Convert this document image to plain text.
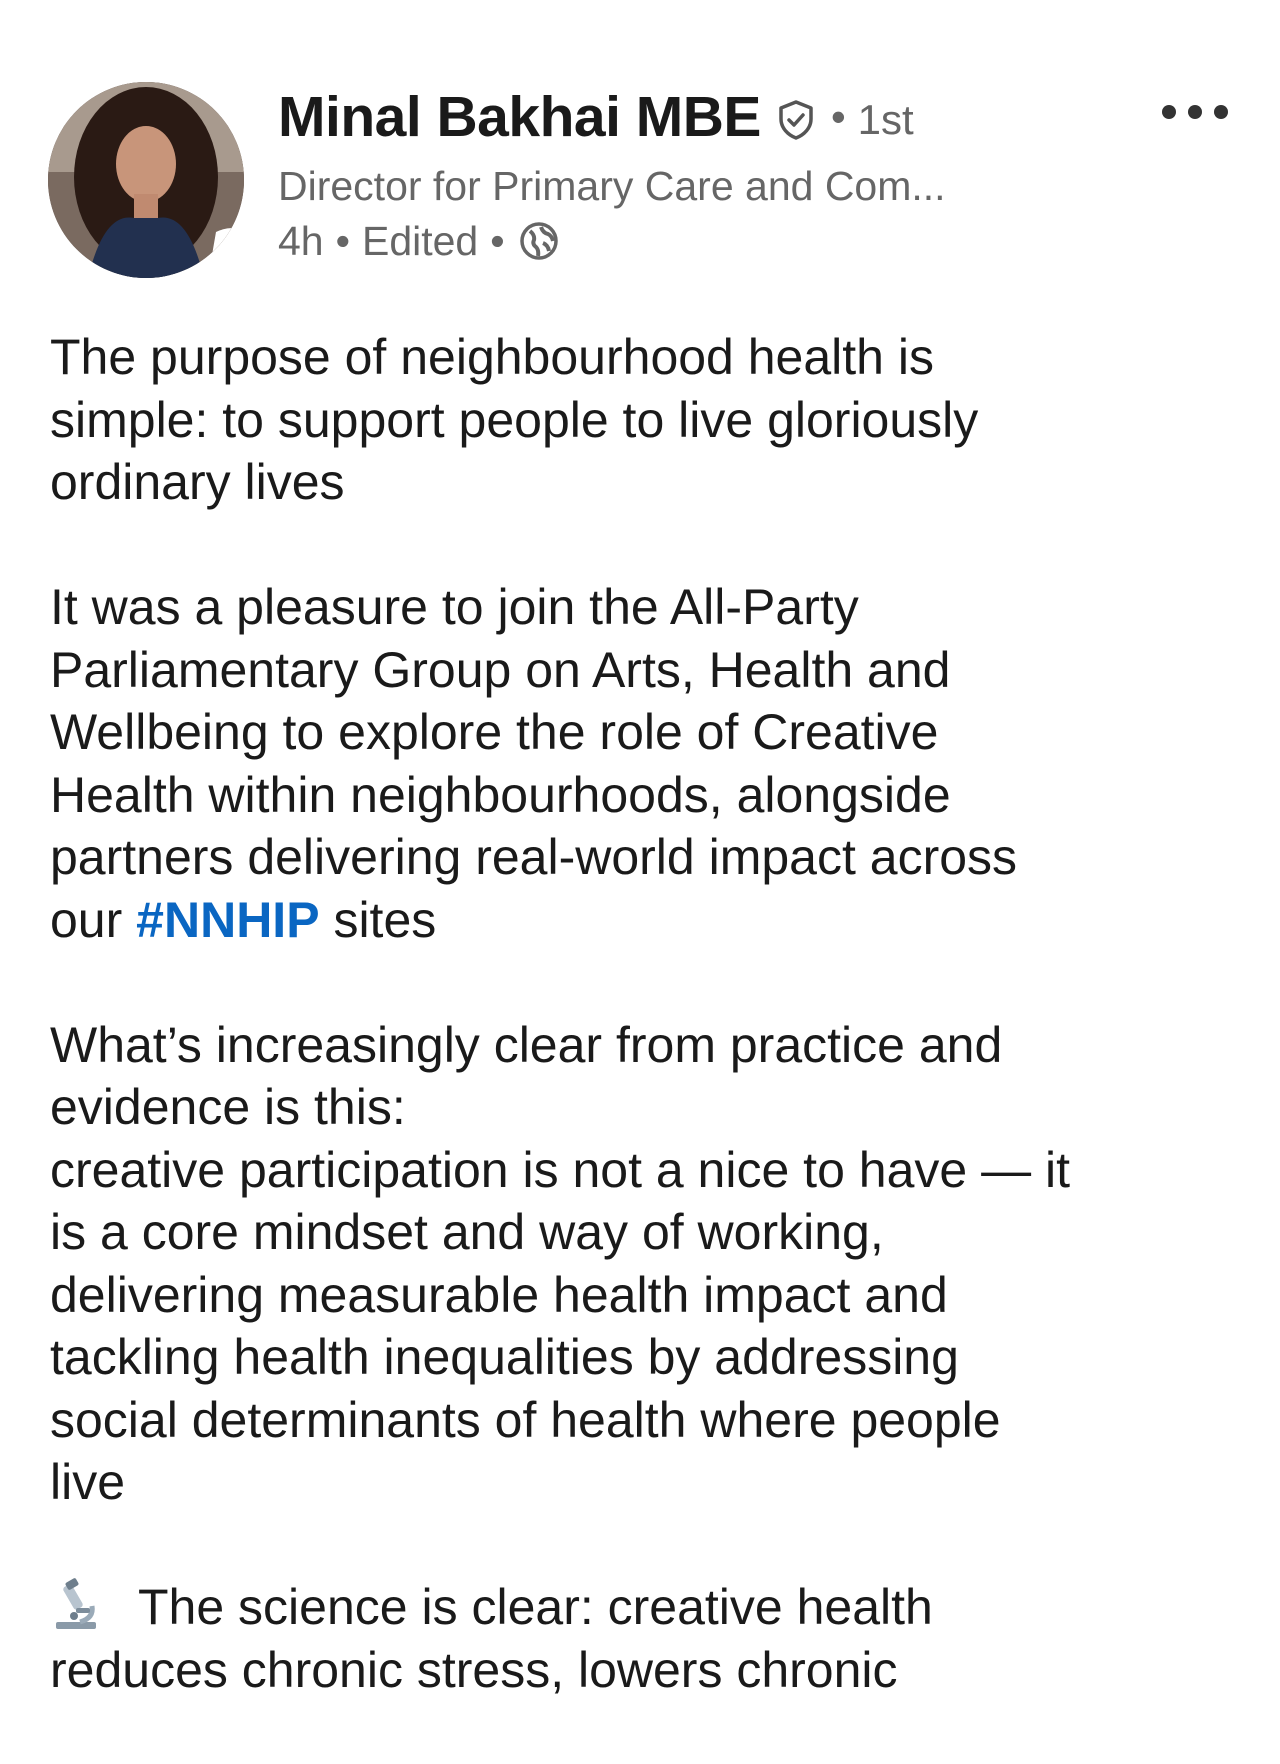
Minal Bakhai MBE • 1st
Director for Primary Care and Com...
4h • Edited •

The purpose of neighbourhood health is
simple: to support people to live gloriously
ordinary lives

It was a pleasure to join the All-Party
Parliamentary Group on Arts, Health and
Wellbeing to explore the role of Creative
Health within neighbourhoods, alongside
partners delivering real-world impact across
our #NNHIP sites

What’s increasingly clear from practice and
evidence is this:
creative participation is not a nice to have — it
is a core mindset and way of working,
delivering measurable health impact and
tackling health inequalities by addressing
social determinants of health where people
live

The science is clear: creative health
reduces chronic stress, lowers chronic
